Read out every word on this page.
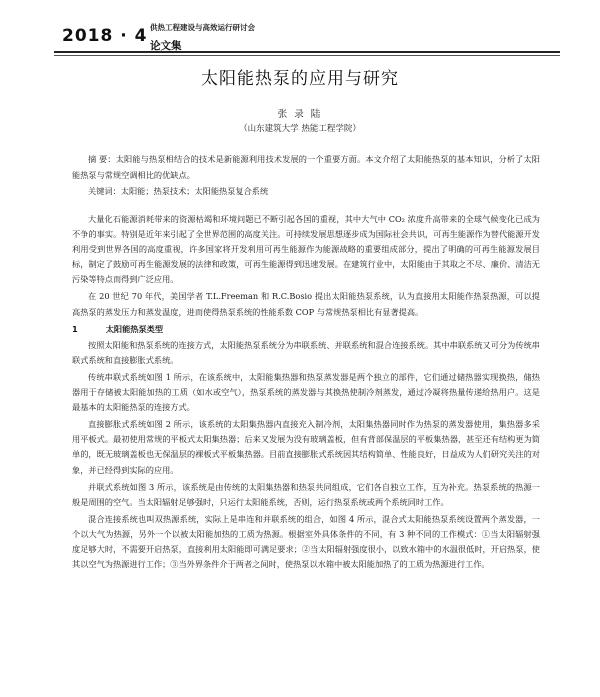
2018 · 4 供热工程建设与高效运行研讨会
论文集
太阳能热泵的应用与研究
张 录 陆
（山东建筑大学 热能工程学院）
摘 要：太阳能与热泵相结合的技术是新能源利用技术发展的一个重要方面。本文介绍了太阳能热泵的基本知识，分析了太阳能热泵与常规空调相比的优缺点。
关键词：太阳能；热泵技术；太阳能热泵复合系统

大量化石能源消耗带来的资源枯竭和环境问题已不断引起各国的重视，其中大气中 CO₂ 浓度升高带来的全球气候变化已成为不争的事实。特别是近年来引起了全世界范围的高度关注。可持续发展思想逐步成为国际社会共识，可再生能源作为替代能源开发利用受到世界各国的高度重视，许多国家将开发利用可再生能源作为能源战略的重要组成部分，提出了明确的可再生能源发展目标，制定了鼓励可再生能源发展的法律和政策，可再生能源得到迅速发展。在建筑行业中，太阳能由于其取之不尽、廉价、清洁无污染等特点而得到广泛应用。

在 20 世纪 70 年代，美国学者 T.L.Freeman 和 R.C.Bosio 提出太阳能热泵系统，认为直接用太阳能作热泵热源，可以提高热泵的蒸发压力和蒸发温度，进而使得热泵系统的性能系数 COP 与常规热泵相比有显著提高。

1	太阳能热泵类型

按照太阳能和热泵系统的连接方式，太阳能热泵系统分为串联系统、并联系统和混合连接系统。其中串联系统又可分为传统串联式系统和直接膨胀式系统。

传统串联式系统如图 1 所示，在该系统中，太阳能集热器和热泵蒸发器是两个独立的部件，它们通过储热器实现换热，储热器用于存储被太阳能加热的工质（如水或空气），热泵系统的蒸发器与其换热使制冷剂蒸发，通过冷凝将热量传递给热用户。这是最基本的太阳能热泵的连接方式。

直接膨胀式系统如图 2 所示，该系统的太阳集热器内直接充入制冷剂，太阳集热器同时作为热泵的蒸发器使用，集热器多采用平板式。最初使用常规的平板式太阳集热器；后来又发展为没有玻璃盖板，但有背部保温层的平板集热器，甚至还有结构更为简单的，既无玻璃盖板也无保温层的裸板式平板集热器。目前直接膨胀式系统因其结构简单、性能良好，日益成为人们研究关注的对象，并已经得到实际的应用。

并联式系统如图 3 所示，该系统是由传统的太阳集热器和热泵共同组成，它们各自独立工作，互为补充。热泵系统的热源一般是周围的空气。当太阳辐射足够强时，只运行太阳能系统，否则，运行热泵系统或两个系统同时工作。

混合连接系统也叫双热源系统，实际上是串连和并联系统的组合，如图 4 所示，混合式太阳能热泵系统设置两个蒸发器，一个以大气为热源，另外一个以被太阳能加热的工质为热源。根据室外具体条件的不同，有 3 种不同的工作模式：①当太阳辐射强度足够大时，不需要开启热泵，直接利用太阳能即可满足要求；②当太阳辐射强度很小，以致水箱中的水温很低时，开启热泵，使其以空气为热源进行工作；③当外界条件介于两者之间时，使热泵以水箱中被太阳能加热了的工质为热源进行工作。
